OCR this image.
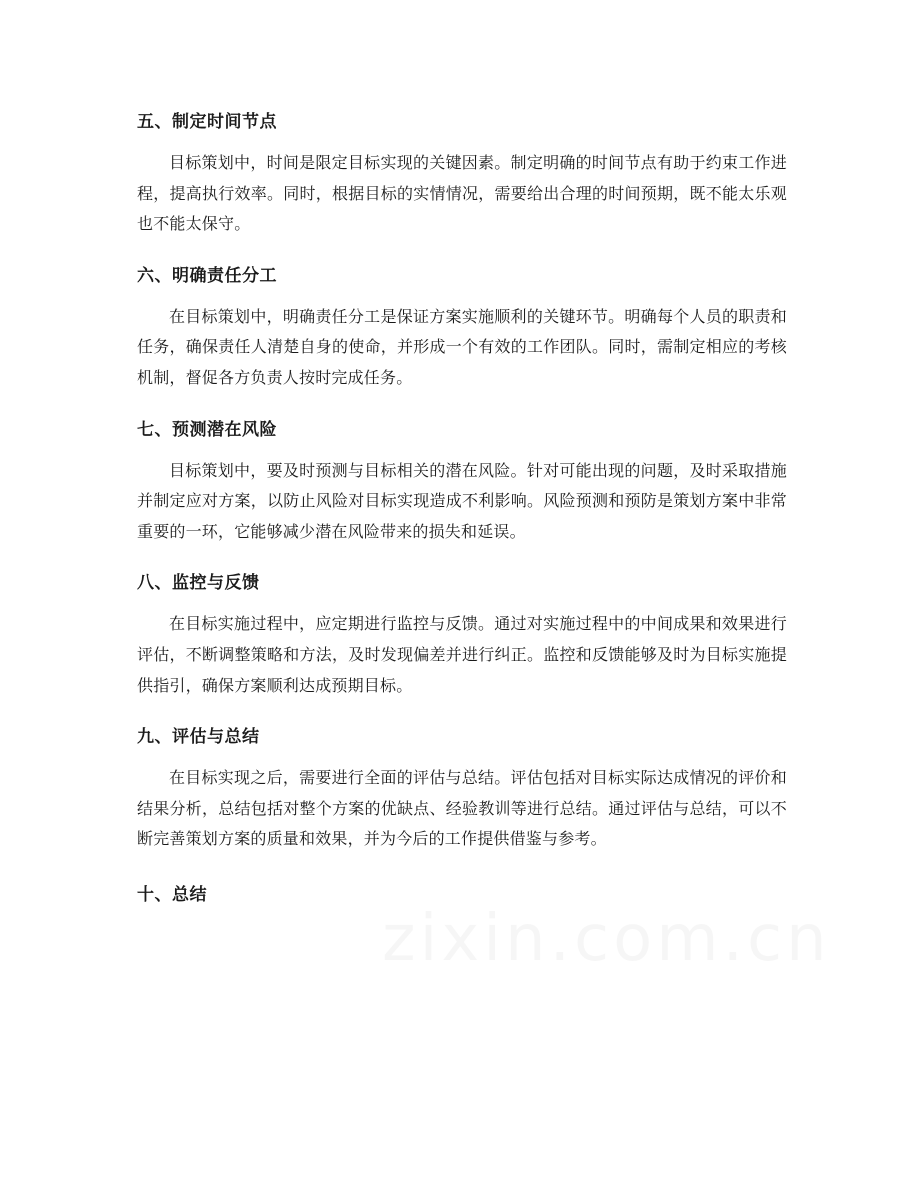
五、制定时间节点

目标策划中，时间是限定目标实现的关键因素。制定明确的时间节点有助于约束工作进程，提高执行效率。同时，根据目标的实情情况，需要给出合理的时间预期，既不能太乐观也不能太保守。

六、明确责任分工

在目标策划中，明确责任分工是保证方案实施顺利的关键环节。明确每个人员的职责和任务，确保责任人清楚自身的使命，并形成一个有效的工作团队。同时，需制定相应的考核机制，督促各方负责人按时完成任务。

七、预测潜在风险

目标策划中，要及时预测与目标相关的潜在风险。针对可能出现的问题，及时采取措施并制定应对方案，以防止风险对目标实现造成不利影响。风险预测和预防是策划方案中非常重要的一环，它能够减少潜在风险带来的损失和延误。

八、监控与反馈

在目标实施过程中，应定期进行监控与反馈。通过对实施过程中的中间成果和效果进行评估，不断调整策略和方法，及时发现偏差并进行纠正。监控和反馈能够及时为目标实施提供指引，确保方案顺利达成预期目标。

九、评估与总结

在目标实现之后，需要进行全面的评估与总结。评估包括对目标实际达成情况的评价和结果分析，总结包括对整个方案的优缺点、经验教训等进行总结。通过评估与总结，可以不断完善策划方案的质量和效果，并为今后的工作提供借鉴与参考。

十、总结
